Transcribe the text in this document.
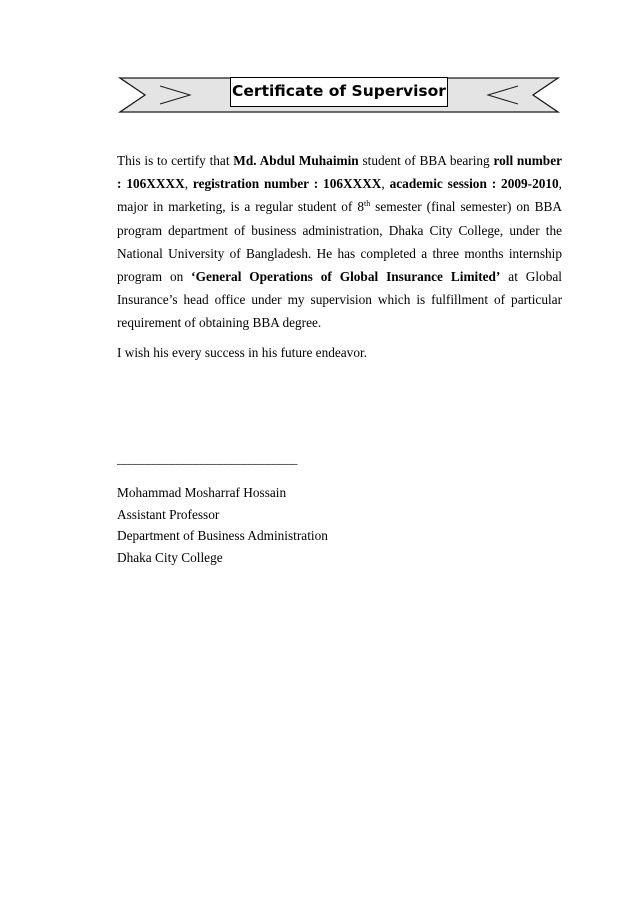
Certificate of Supervisor

This is to certify that Md. Abdul Muhaimin student of BBA bearing roll number : 106XXXX, registration number : 106XXXX, academic session : 2009-2010, major in marketing, is a regular student of 8th semester (final semester) on BBA program department of business administration, Dhaka City College, under the National University of Bangladesh. He has completed a three months internship program on ‘General Operations of Global Insurance Limited’ at Global Insurance’s head office under my supervision which is fulfillment of particular requirement of obtaining BBA degree.

I wish his every success in his future endeavor.
______________________________
Mohammad Mosharraf Hossain
Assistant Professor
Department of Business Administration
Dhaka City College
